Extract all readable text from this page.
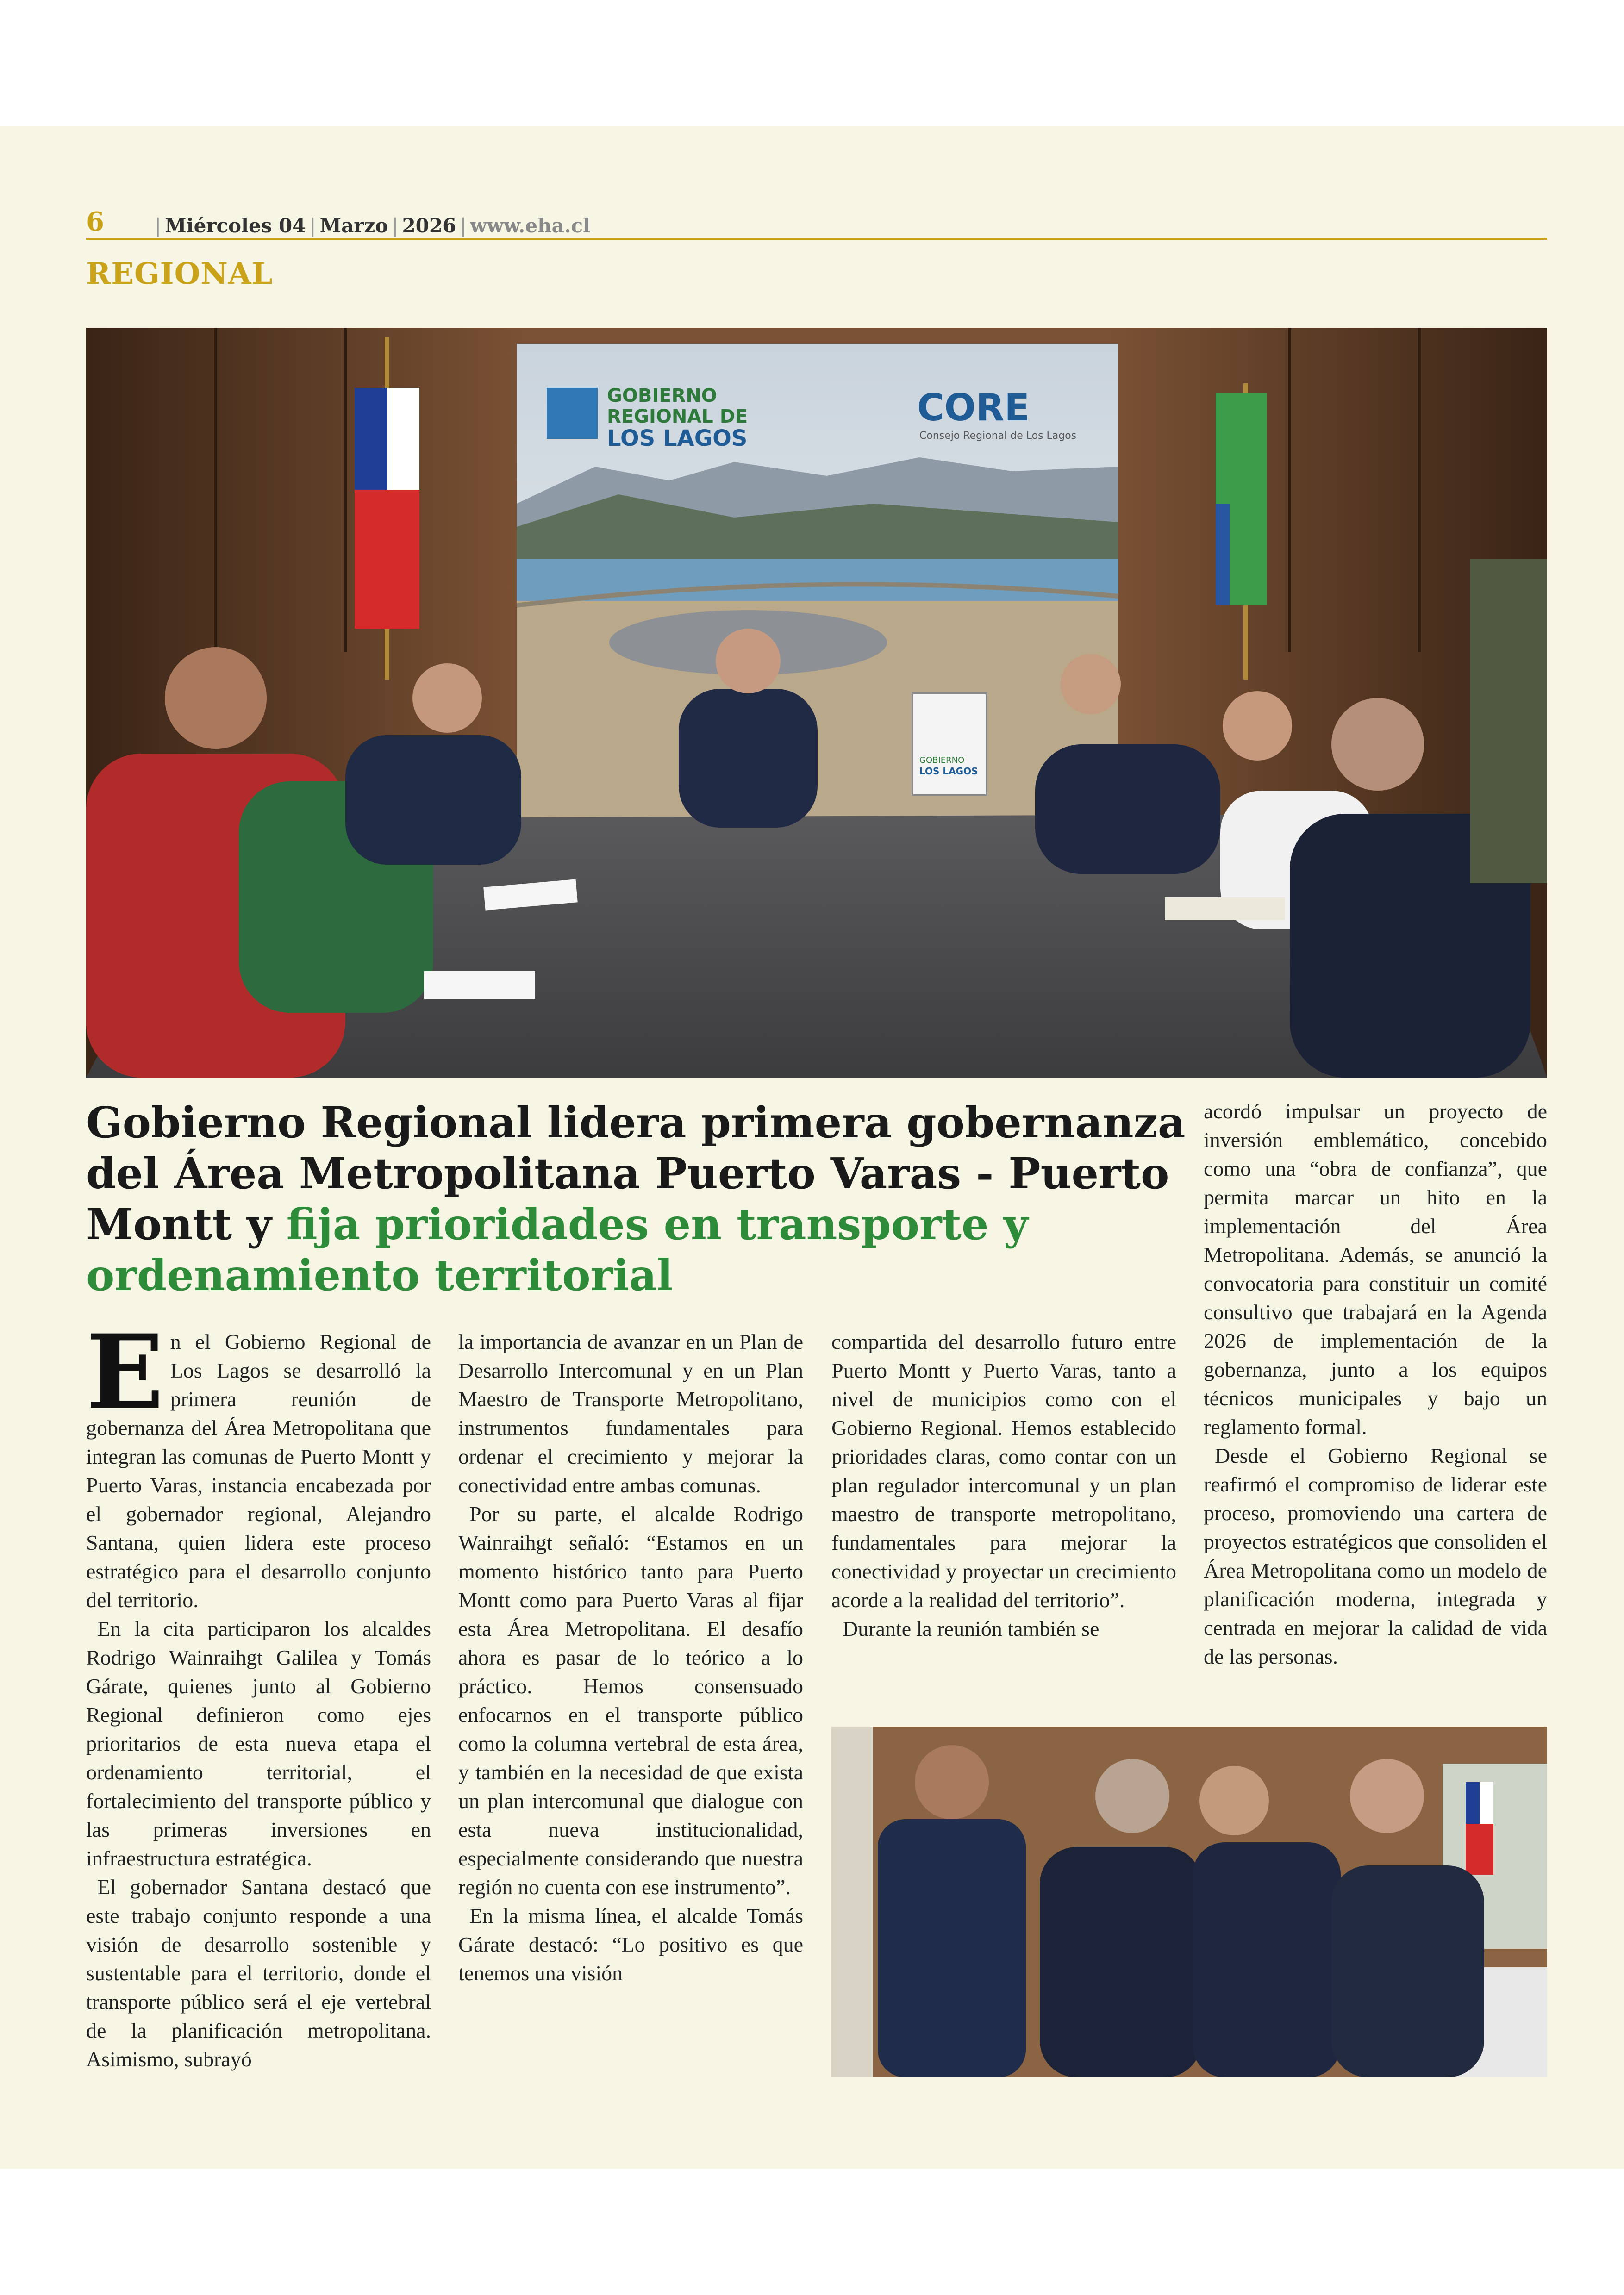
6	| Miércoles 04 | Marzo | 2026 | www.eha.cl
REGIONAL
GOBIERNO
REGIONAL DE
LOS LAGOS
CORE
Consejo Regional de Los Lagos
GOBIERNO
LOS LAGOS
Gobierno Regional lidera primera gobernanza del Área Metropolitana Puerto Varas - Puerto Montt y fija prioridades en transporte y ordenamiento territorial

En el Gobierno Regional de Los Lagos se desarrolló la primera reunión de gobernanza del Área Metropolitana que integran las comunas de Puerto Montt y Puerto Varas, instancia encabezada por el gobernador regional, Alejandro Santana, quien lidera este proceso estratégico para el desarrollo conjunto del territorio.

En la cita participaron los alcaldes Rodrigo Wainraihgt Galilea y Tomás Gárate, quienes junto al Gobierno Regional definieron como ejes prioritarios de esta nueva etapa el ordenamiento territorial, el fortalecimiento del transporte público y las primeras inversiones en infraestructura estratégica.

El gobernador Santana destacó que este trabajo conjunto responde a una visión de desarrollo sostenible y sustentable para el territorio, donde el transporte público será el eje vertebral de la planificación metropolitana. Asimismo, subrayó

la importancia de avanzar en un Plan de Desarrollo Intercomunal y en un Plan Maestro de Transporte Metropolitano, instrumentos fundamentales para ordenar el crecimiento y mejorar la conectividad entre ambas comunas.

Por su parte, el alcalde Rodrigo Wainraihgt señaló: “Estamos en un momento histórico tanto para Puerto Montt como para Puerto Varas al fijar esta Área Metropolitana. El desafío ahora es pasar de lo teórico a lo práctico. Hemos consensuado enfocarnos en el transporte público como la columna vertebral de esta área, y también en la necesidad de que exista un plan intercomunal que dialogue con esta nueva institucionalidad, especialmente considerando que nuestra región no cuenta con ese instrumento”.

En la misma línea, el alcalde Tomás Gárate destacó: “Lo positivo es que tenemos una visión

compartida del desarrollo futuro entre Puerto Montt y Puerto Varas, tanto a nivel de municipios como con el Gobierno Regional. Hemos establecido prioridades claras, como contar con un plan regulador intercomunal y un plan maestro de transporte metropolitano, fundamentales para mejorar la conectividad y proyectar un crecimiento acorde a la realidad del territorio”.

Durante la reunión también se

acordó impulsar un proyecto de inversión emblemático, concebido como una “obra de confianza”, que permita marcar un hito en la implementación del Área Metropolitana. Además, se anunció la convocatoria para constituir un comité consultivo que trabajará en la Agenda 2026 de implementación de la gobernanza, junto a los equipos técnicos municipales y bajo un reglamento formal.

Desde el Gobierno Regional se reafirmó el compromiso de liderar este proceso, promoviendo una cartera de proyectos estratégicos que consoliden el Área Metropolitana como un modelo de planificación moderna, integrada y centrada en mejorar la calidad de vida de las personas.
